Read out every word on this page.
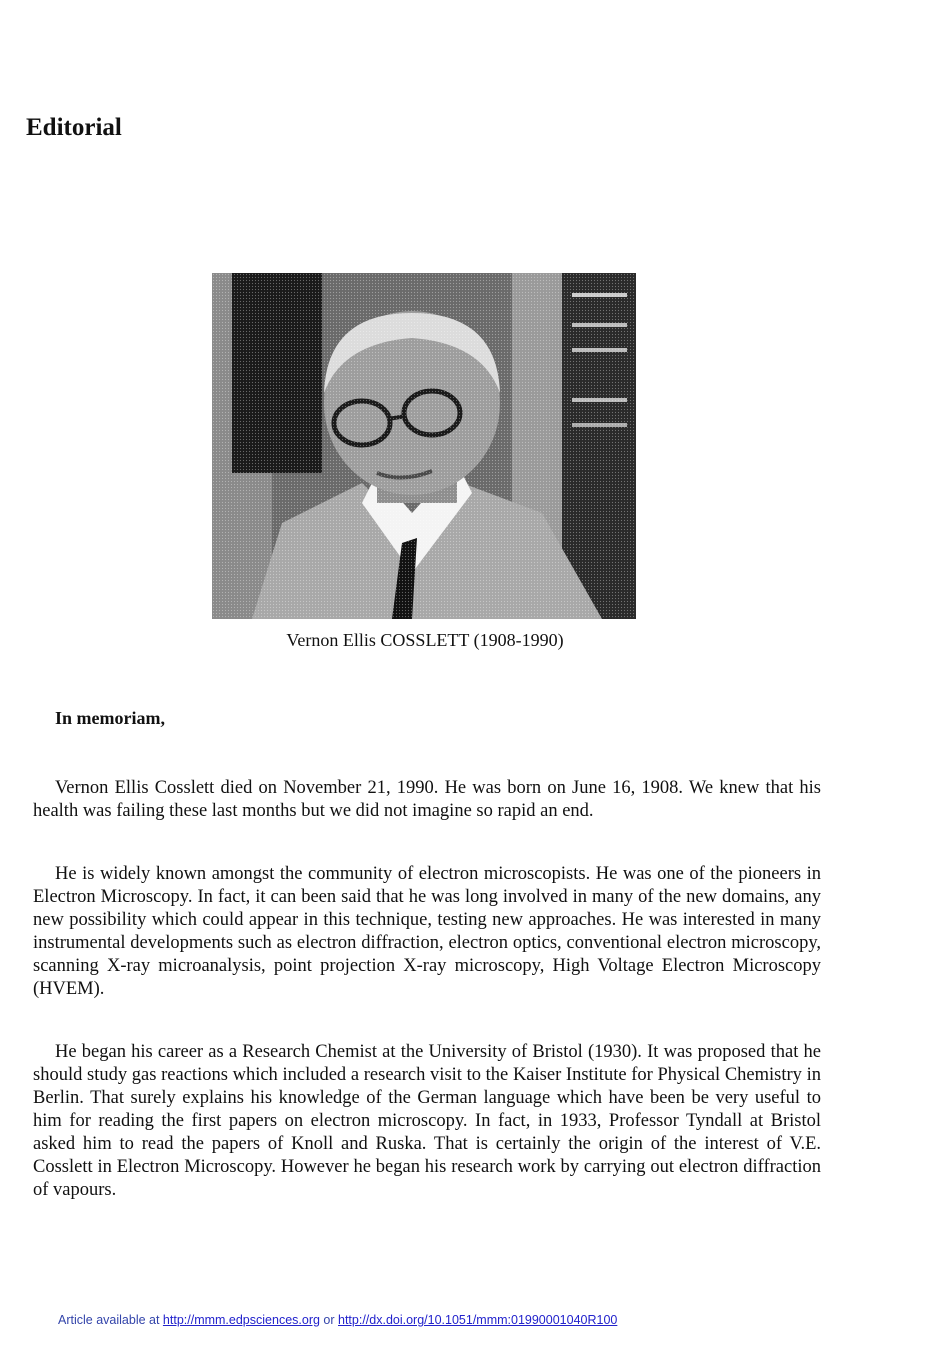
Editorial
Vernon Ellis COSSLETT (1908-1990)
In memoriam,

Vernon Ellis Cosslett died on November 21, 1990. He was born on June 16, 1908. We knew that his health was failing these last months but we did not imagine so rapid an end.

He is widely known amongst the community of electron microscopists. He was one of the pioneers in Electron Microscopy. In fact, it can been said that he was long involved in many of the new domains, any new possibility which could appear in this technique, testing new approaches. He was interested in many instrumental developments such as electron diffraction, electron optics, conventional electron microscopy, scanning X-ray microanalysis, point projection X-ray microscopy, High Voltage Electron Microscopy (HVEM).

He began his career as a Research Chemist at the University of Bristol (1930). It was proposed that he should study gas reactions which included a research visit to the Kaiser Institute for Physical Chemistry in Berlin. That surely explains his knowledge of the German language which have been be very useful to him for reading the first papers on electron microscopy. In fact, in 1933, Professor Tyndall at Bristol asked him to read the papers of Knoll and Ruska. That is certainly the origin of the interest of V.E. Cosslett in Electron Microscopy. However he began his research work by carrying out electron diffraction of vapours.

Article available at http://mmm.edpsciences.org or http://dx.doi.org/10.1051/mmm:01990001040R100
